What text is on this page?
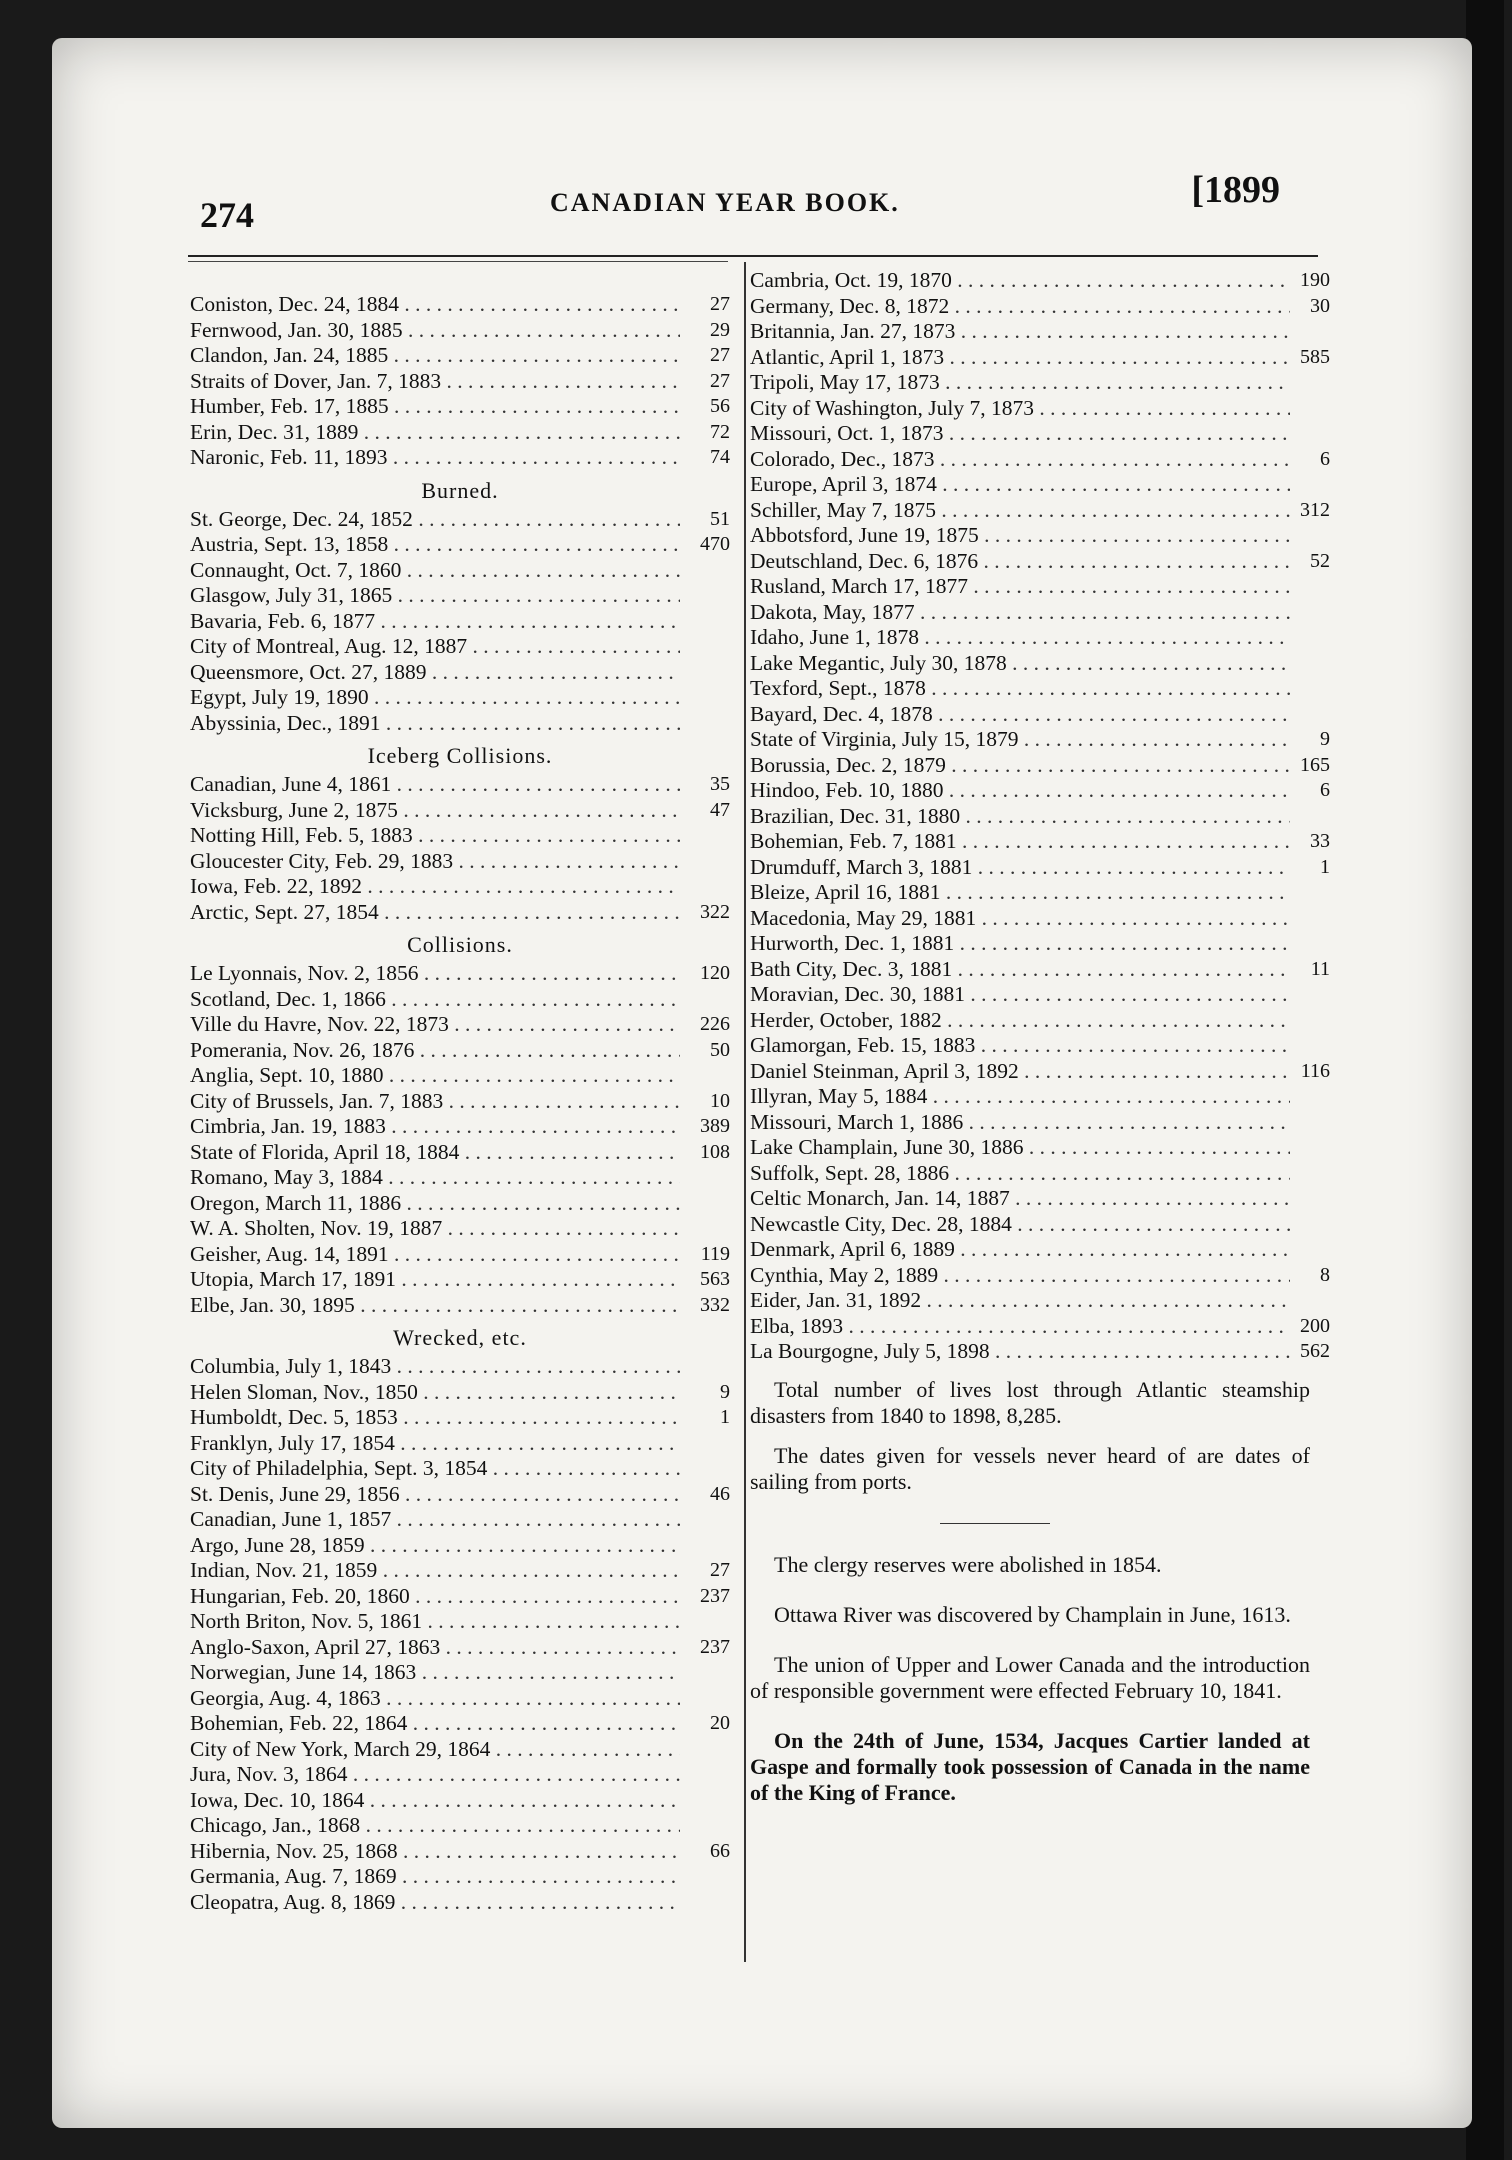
274	CANADIAN YEAR BOOK.	[1899
Coniston, Dec. 24, 1884 . . .	27
Fernwood, Jan. 30, 1885 . . .	29
Clandon, Jan. 24, 1885 . . .	27
Straits of Dover, Jan. 7, 1883 . . .	27
Humber, Feb. 17, 1885 . . .	56
Erin, Dec. 31, 1889 . . .	72
Naronic, Feb. 11, 1893 . . .	74
Burned.
St. George, Dec. 24, 1852 . . .	51
Austria, Sept. 13, 1858 . . .	470
Connaught, Oct. 7, 1860 . . .
Glasgow, July 31, 1865 . . .
Bavaria, Feb. 6, 1877 . . .
City of Montreal, Aug. 12, 1887 . . .
Queensmore, Oct. 27, 1889 . . .
Egypt, July 19, 1890 . . .
Abyssinia, Dec., 1891 . . .
Iceberg Collisions.
Canadian, June 4, 1861 . . .	35
Vicksburg, June 2, 1875 . . .	47
Notting Hill, Feb. 5, 1883 . . .
Gloucester City, Feb. 29, 1883 . . .
Iowa, Feb. 22, 1892 . . .
Arctic, Sept. 27, 1854 . . .	322
Collisions.
Le Lyonnais, Nov. 2, 1856 . . .	120
Scotland, Dec. 1, 1866 . . .
Ville du Havre, Nov. 22, 1873 . . .	226
Pomerania, Nov. 26, 1876 . . .	50
Anglia, Sept. 10, 1880 . . .
City of Brussels, Jan. 7, 1883 . . .	10
Cimbria, Jan. 19, 1883 . . .	389
State of Florida, April 18, 1884 . . .	108
Romano, May 3, 1884 . . .
Oregon, March 11, 1886 . . .
W. A. Sholten, Nov. 19, 1887 . . .
Geisher, Aug. 14, 1891 . . .	119
Utopia, March 17, 1891 . . .	563
Elbe, Jan. 30, 1895 . . .	332
Wrecked, etc.
Columbia, July 1, 1843 . . .
Helen Sloman, Nov., 1850 . . .	9
Humboldt, Dec. 5, 1853 . . .	1
Franklyn, July 17, 1854 . . .
City of Philadelphia, Sept. 3, 1854 . . .
St. Denis, June 29, 1856 . . .	46
Canadian, June 1, 1857 . . .
Argo, June 28, 1859 . . .
Indian, Nov. 21, 1859 . . .	27
Hungarian, Feb. 20, 1860 . . .	237
North Briton, Nov. 5, 1861 . . .
Anglo-Saxon, April 27, 1863 . . .	237
Norwegian, June 14, 1863 . . .
Georgia, Aug. 4, 1863 . . .
Bohemian, Feb. 22, 1864 . . .	20
City of New York, March 29, 1864 . . .
Jura, Nov. 3, 1864 . . .
Iowa, Dec. 10, 1864 . . .
Chicago, Jan., 1868 . . .
Hibernia, Nov. 25, 1868 . . .	66
Germania, Aug. 7, 1869 . . .
Cleopatra, Aug. 8, 1869 . . .
Cambria, Oct. 19, 1870 . . .	190
Germany, Dec. 8, 1872 . . .	30
Britannia, Jan. 27, 1873 . . .
Atlantic, April 1, 1873 . . .	585
Tripoli, May 17, 1873 . . .
City of Washington, July 7, 1873 . . .
Missouri, Oct. 1, 1873 . . .
Colorado, Dec., 1873 . . .	6
Europe, April 3, 1874 . . .
Schiller, May 7, 1875 . . .	312
Abbotsford, June 19, 1875 . . .
Deutschland, Dec. 6, 1876 . . .	52
Rusland, March 17, 1877 . . .
Dakota, May, 1877 . . .
Idaho, June 1, 1878 . . .
Lake Megantic, July 30, 1878 . . .
Texford, Sept., 1878 . . .
Bayard, Dec. 4, 1878 . . .
State of Virginia, July 15, 1879 . . .	9
Borussia, Dec. 2, 1879 . . .	165
Hindoo, Feb. 10, 1880 . . .	6
Brazilian, Dec. 31, 1880 . . .
Bohemian, Feb. 7, 1881 . . .	33
Drumduff, March 3, 1881 . . .	1
Bleize, April 16, 1881 . . .
Macedonia, May 29, 1881 . . .
Hurworth, Dec. 1, 1881 . . .
Bath City, Dec. 3, 1881 . . .	11
Moravian, Dec. 30, 1881 . . .
Herder, October, 1882 . . .
Glamorgan, Feb. 15, 1883 . . .
Daniel Steinman, April 3, 1892 . . .	116
Illyran, May 5, 1884 . . .
Missouri, March 1, 1886 . . .
Lake Champlain, June 30, 1886 . . .
Suffolk, Sept. 28, 1886 . . .
Celtic Monarch, Jan. 14, 1887 . . .
Newcastle City, Dec. 28, 1884 . . .
Denmark, April 6, 1889 . . .
Cynthia, May 2, 1889 . . .	8
Eider, Jan. 31, 1892 . . .
Elba, 1893 . . .	200
La Bourgogne, July 5, 1898 . . .	562

Total number of lives lost through Atlantic steamship disasters from 1840 to 1898, 8,285.

The dates given for vessels never heard of are dates of sailing from ports.

The clergy reserves were abolished in 1854.

Ottawa River was discovered by Champlain in June, 1613.

The union of Upper and Lower Canada and the introduction of responsible government were effected February 10, 1841.

On the 24th of June, 1534, Jacques Cartier landed at Gaspe and formally took possession of Canada in the name of the King of France.
